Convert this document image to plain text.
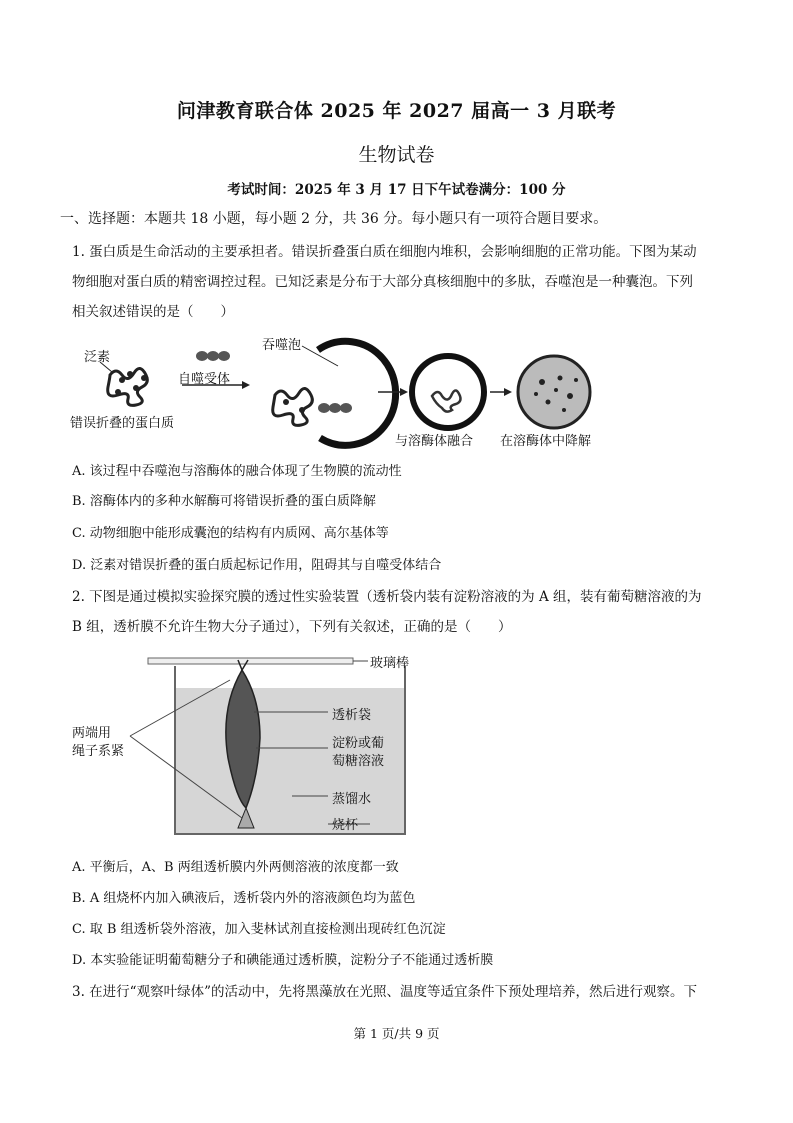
问津教育联合体 2025 年 2027 届高一 3 月联考
生物试卷
考试时间：2025 年 3 月 17 日下午试卷满分：100 分
一、选择题：本题共 18 小题，每小题 2 分，共 36 分。每小题只有一项符合题目要求。
1. 蛋白质是生命活动的主要承担者。错误折叠蛋白质在细胞内堆积，会影响细胞的正常功能。下图为某动
物细胞对蛋白质的精密调控过程。已知泛素是分布于大部分真核细胞中的多肽，吞噬泡是一种囊泡。下列
相关叙述错误的是（　　）
泛素
自噬受体
错误折叠的蛋白质
吞噬泡
与溶酶体融合 在溶酶体中降解
A. 该过程中吞噬泡与溶酶体的融合体现了生物膜的流动性
B. 溶酶体内的多种水解酶可将错误折叠的蛋白质降解
C. 动物细胞中能形成囊泡的结构有内质网、高尔基体等
D. 泛素对错误折叠的蛋白质起标记作用，阻碍其与自噬受体结合
2. 下图是通过模拟实验探究膜的透过性实验装置（透析袋内装有淀粉溶液的为 A 组，装有葡萄糖溶液的为
B 组，透析膜不允许生物大分子通过），下列有关叙述，正确的是（　　）
玻璃棒
两端用
绳子系紧
透析袋
淀粉或葡
萄糖溶液
蒸馏水
烧杯
A. 平衡后，A、B 两组透析膜内外两侧溶液的浓度都一致
B. A 组烧杯内加入碘液后，透析袋内外的溶液颜色均为蓝色
C. 取 B 组透析袋外溶液，加入斐林试剂直接检测出现砖红色沉淀
D. 本实验能证明葡萄糖分子和碘能通过透析膜，淀粉分子不能通过透析膜
3. 在进行“观察叶绿体”的活动中，先将黑藻放在光照、温度等适宜条件下预处理培养，然后进行观察。下
第 1 页/共 9 页
